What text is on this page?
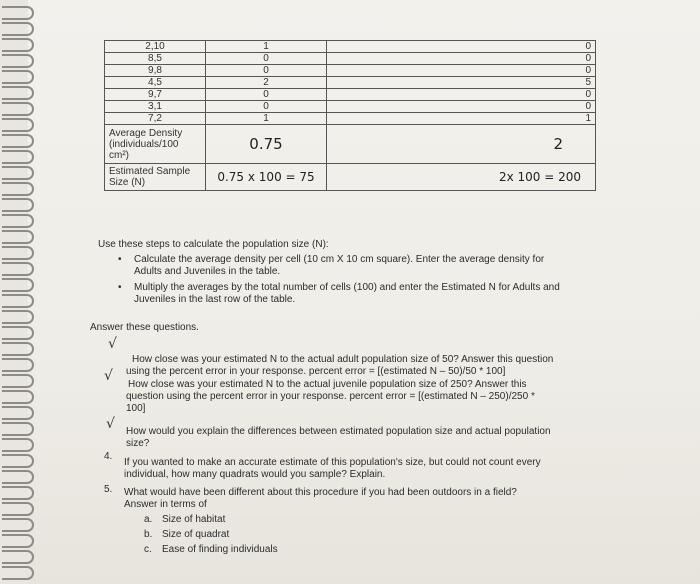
2,10	1	0
8,5	0	0
9,8	0	0
4,5	2	5
9,7	0	0
3,1	0	0
7,2	1	1

Average Density
(individuals/100
cm²)	0.75	2

Estimated Sample
Size (N)	0.75 x 100 = 75	2x 100 = 200
Use these steps to calculate the population size (N):
• Calculate the average density per cell (10 cm X 10 cm square). Enter the average density for
Adults and Juveniles in the table.
• Multiply the averages by the total number of cells (100) and enter the Estimated N for Adults and
Juveniles in the last row of the table.
Answer these questions.
√
√
√
How close was your estimated N to the actual adult population size of 50? Answer this question
using the percent error in your response. percent error = [(estimated N – 50)/50 * 100]
How close was your estimated N to the actual juvenile population size of 250? Answer this
question using the percent error in your response. percent error = [(estimated N – 250)/250 *
100]
How would you explain the differences between estimated population size and actual population
size?
4.
If you wanted to make an accurate estimate of this population's size, but could not count every
individual, how many quadrats would you sample? Explain.
5. What would have been different about this procedure if you had been outdoors in a field?
Answer in terms of
a. Size of habitat
b. Size of quadrat
c. Ease of finding individuals
